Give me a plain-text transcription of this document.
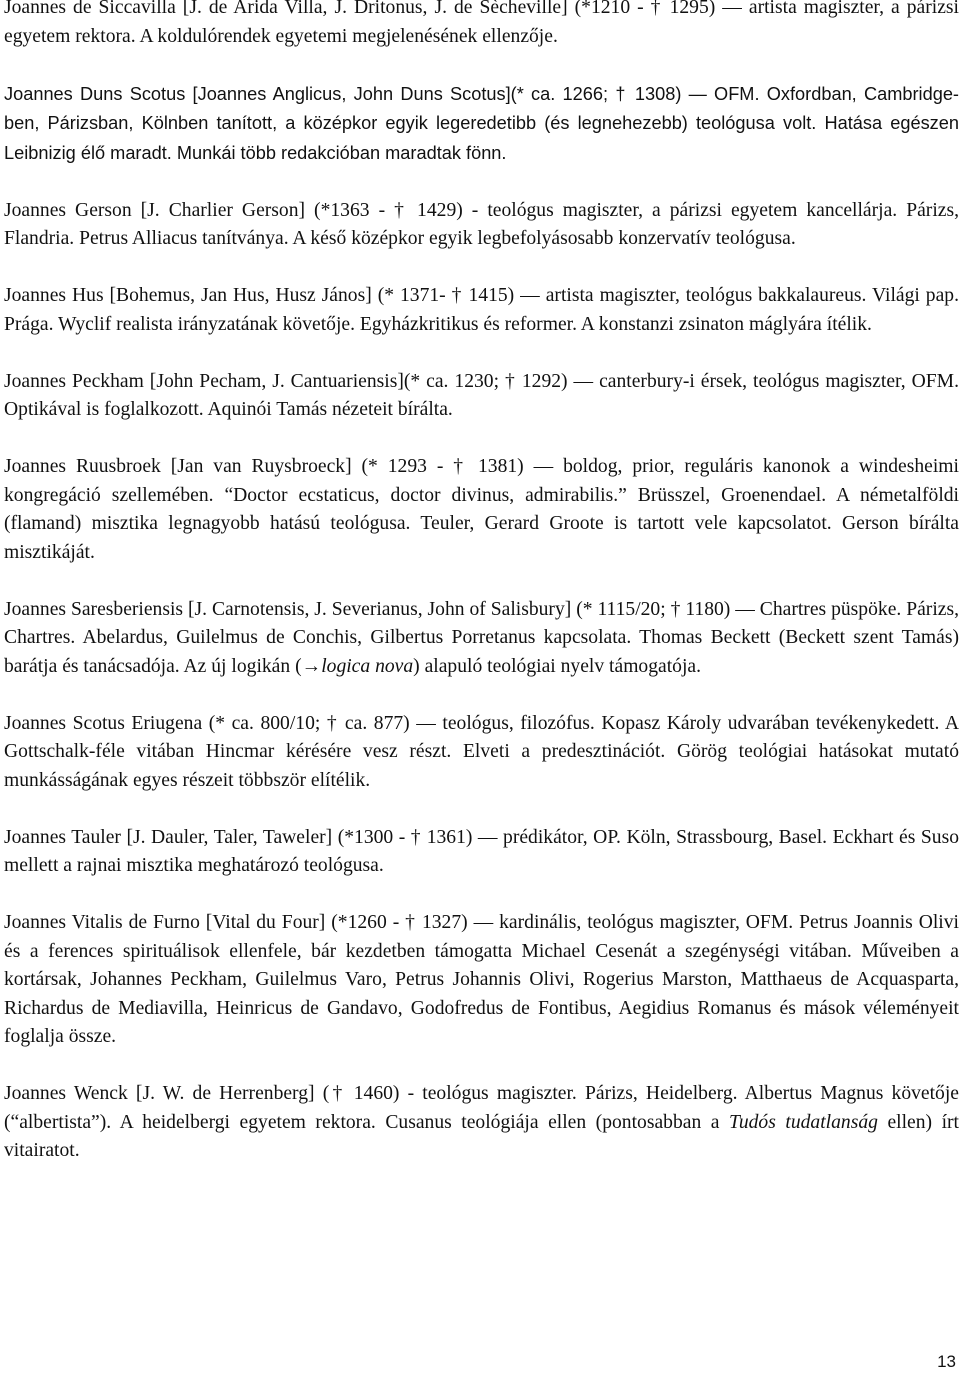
Joannes de Siccavilla [J. de Arida Villa, J. Dritonus, J. de Sècheville] (*1210 - † 1295) — artista magiszter, a párizsi egyetem rektora. A koldulórendek egyetemi megjelenésének ellenzője.

Joannes Duns Scotus [Joannes Anglicus, John Duns Scotus](* ca. 1266; † 1308) — OFM. Oxfordban, Cambridge-ben, Párizsban, Kölnben tanított, a középkor egyik legeredetibb (és legnehezebb) teológusa volt. Hatása egészen Leibnizig élő maradt. Munkái több redakcióban maradtak fönn.

Joannes Gerson [J. Charlier Gerson] (*1363 - † 1429) - teológus magiszter, a párizsi egyetem kancellárja. Párizs, Flandria. Petrus Alliacus tanítványa. A késő középkor egyik legbefolyásosabb konzervatív teológusa.

Joannes Hus [Bohemus, Jan Hus, Husz János] (* 1371- † 1415) — artista magiszter, teológus bakkalaureus. Világi pap. Prága. Wyclif realista irányzatának követője. Egyházkritikus és reformer. A konstanzi zsinaton máglyára ítélik.

Joannes Peckham [John Pecham, J. Cantuariensis](* ca. 1230; † 1292) — canterbury-i érsek, teológus magiszter, OFM. Optikával is foglalkozott. Aquinói Tamás nézeteit bírálta.

Joannes Ruusbroek [Jan van Ruysbroeck] (* 1293 - † 1381) — boldog, prior, reguláris kanonok a windesheimi kongregáció szellemében. “Doctor ecstaticus, doctor divinus, admirabilis.” Brüsszel, Groenendael. A németalföldi (flamand) misztika legnagyobb hatású teológusa. Teuler, Gerard Groote is tartott vele kapcsolatot. Gerson bírálta misztikáját.

Joannes Saresberiensis [J. Carnotensis, J. Severianus, John of Salisbury] (* 1115/20; † 1180) — Chartres püspöke. Párizs, Chartres. Abelardus, Guilelmus de Conchis, Gilbertus Porretanus kapcsolata. Thomas Beckett (Beckett szent Tamás) barátja és tanácsadója. Az új logikán (→logica nova) alapuló teológiai nyelv támogatója.

Joannes Scotus Eriugena (* ca. 800/10; † ca. 877) — teológus, filozófus. Kopasz Károly udvarában tevékenykedett. A Gottschalk-féle vitában Hincmar kérésére vesz részt. Elveti a predesztinációt. Görög teológiai hatásokat mutató munkásságának egyes részeit többször elítélik.

Joannes Tauler [J. Dauler, Taler, Taweler] (*1300 - † 1361) — prédikátor, OP. Köln, Strassbourg, Basel. Eckhart és Suso mellett a rajnai misztika meghatározó teológusa.

Joannes Vitalis de Furno [Vital du Four] (*1260 - † 1327) — kardinális, teológus magiszter, OFM. Petrus Joannis Olivi és a ferences spirituálisok ellenfele, bár kezdetben támogatta Michael Cesenát a szegénységi vitában. Műveiben a kortársak, Johannes Peckham, Guilelmus Varo, Petrus Johannis Olivi, Rogerius Marston, Matthaeus de Acquasparta, Richardus de Mediavilla, Heinricus de Gandavo, Godofredus de Fontibus, Aegidius Romanus és mások véleményeit foglalja össze.

Joannes Wenck [J. W. de Herrenberg] († 1460) - teológus magiszter. Párizs, Heidelberg. Albertus Magnus követője (“albertista”). A heidelbergi egyetem rektora. Cusanus teológiája ellen (pontosabban a Tudós tudatlanság ellen) írt vitairatot.

13
